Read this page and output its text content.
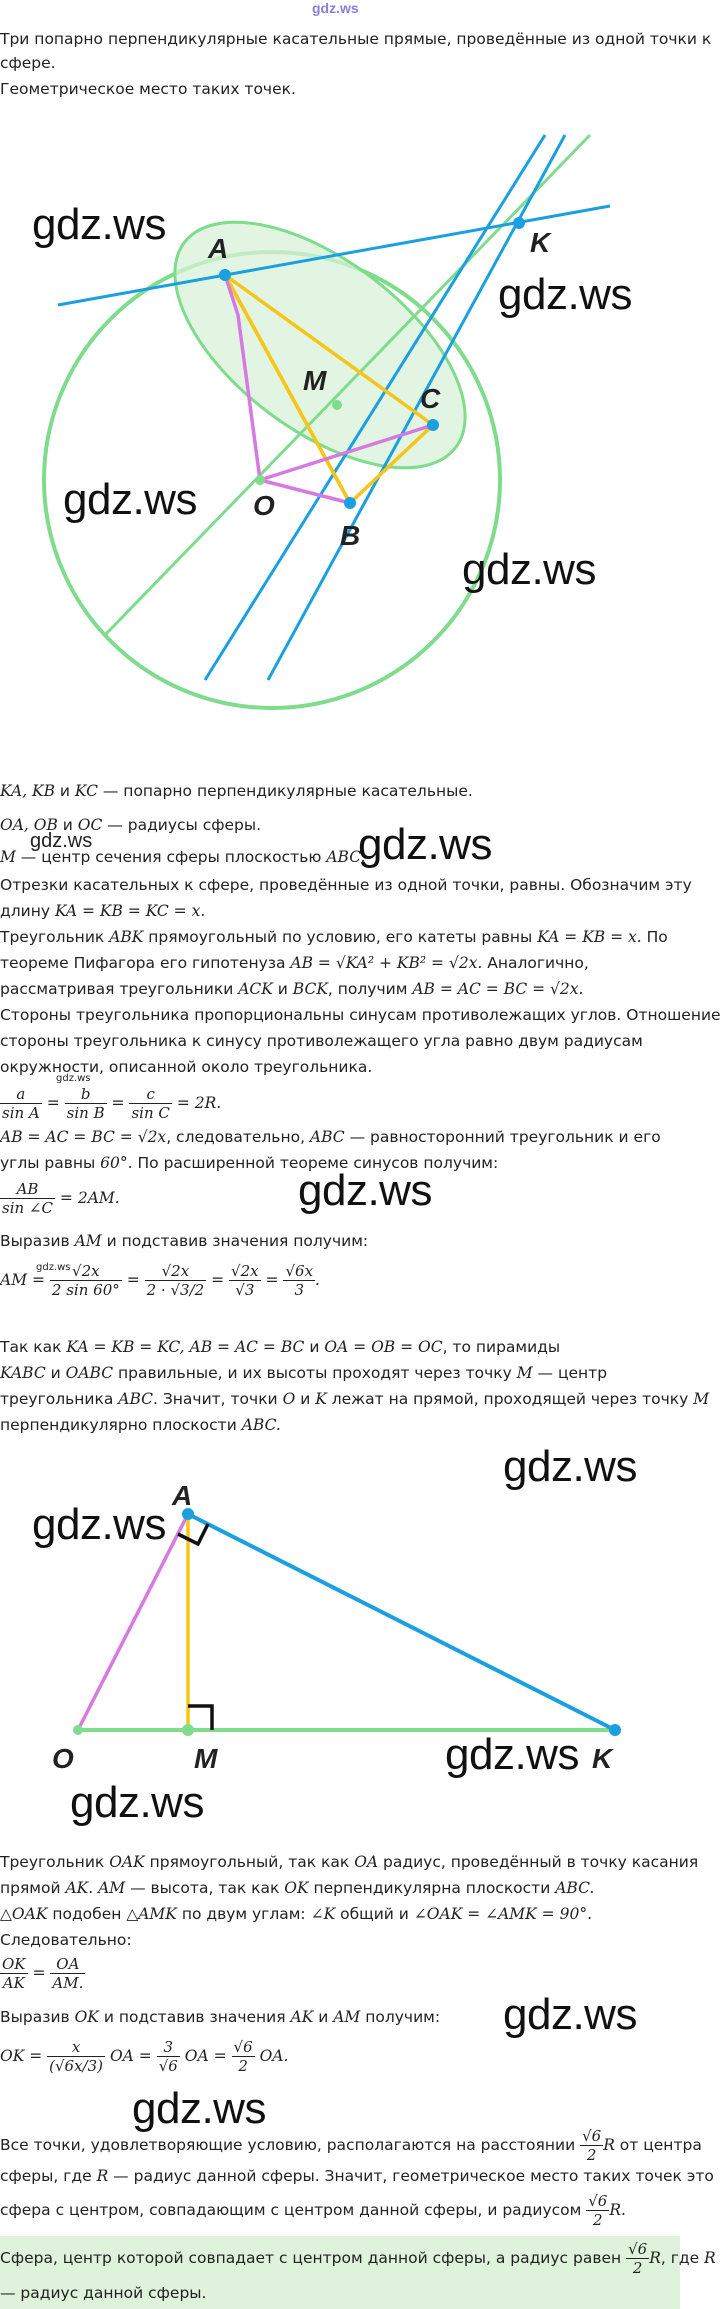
gdz.ws
Три попарно перпендикулярные касательные прямые, проведённые из одной точки к
сфере.
Геометрическое место таких точек.
A	K
M
C
O
B
gdz.ws
gdz.ws
gdz.ws
gdz.ws
KA, KB и KC — попарно перпендикулярные касательные.
OA, OB и OC — радиусы сферы.
M — центр сечения сферы плоскостью ABC.
gdz.ws	gdz.ws
Отрезки касательных к сфере, проведённые из одной точки, равны. Обозначим эту
длину KA = KB = KC = x.
Треугольник ABK прямоугольный по условию, его катеты равны KA = KB = x. По
теореме Пифагора его гипотенуза AB = √KA² + KB² = √2x. Аналогично,
рассматривая треугольники ACK и BCK, получим AB = AC = BC = √2x.
Стороны треугольника пропорциональны синусам противолежащих углов. Отношение
стороны треугольника к синусу противолежащего угла равно двум радиусам
окружности, описанной около треугольника.
gdz.ws
$\frac{a}{\text{sin A}} = \frac{b}{\text{sin B}} = \frac{c}{\text{sin C}} = 2R$.
AB = AC = BC = √2x, следовательно, ABC — равносторонний треугольник и его
углы равны 60°. По расширенной теореме синусов получим:
$\frac{AB}{\sin \angle C} = 2AM$.	gdz.ws
Выразив AM и подставив значения получим:
gdz.ws
AM = $\frac{√2x}{2 \sin 60^\circ} = \frac{√2x}{2 \cdot √3/2} = \frac{√2x}{√3} = \frac{√6x}{3}$ .
Так как KA = KB = KC, AB = AC = BC и OA = OB = OC, то пирамиды
KABC и OABC правильные, и их высоты проходят через точку M — центр
треугольника ABC. Значит, точки O и K лежат на прямой, проходящей через точку M
перпендикулярно плоскости ABC.
A
O	M	K
gdz.ws
gdz.ws
gdz.ws
gdz.ws
Треугольник OAK прямоугольный, так как OA радиус, проведённый в точку касания
прямой AK. AM — высота, так как OK перпендикулярна плоскости ABC.
△OAK подобен △AMK по двум углам: ∠K общий и ∠OAK = ∠AMK = 90°.
Следовательно:
$\frac{OK}{AK} = \frac{OA}{AM.}$
Выразив OK и подставив значения AK и AM получим: gdz.ws
OK = $\frac{x}{(√6x/3)}$ OA = $\frac{3}{√6}$ OA = $\frac{√6}{2}$ OA.
gdz.ws
Все точки, удовлетворяющие условию, располагаются на расстоянии $\frac{√6}{2}$ R от центра
сферы, где R — радиус данной сферы. Значит, геометрическое место таких точек это
сфера с центром, совпадающим с центром данной сферы, и радиусом $\frac{√6}{2} R$.
Сфера, центр которой совпадает с центром данной сферы, а радиус равен $\frac{√6}{2} R$, где R
— радиус данной сферы.
